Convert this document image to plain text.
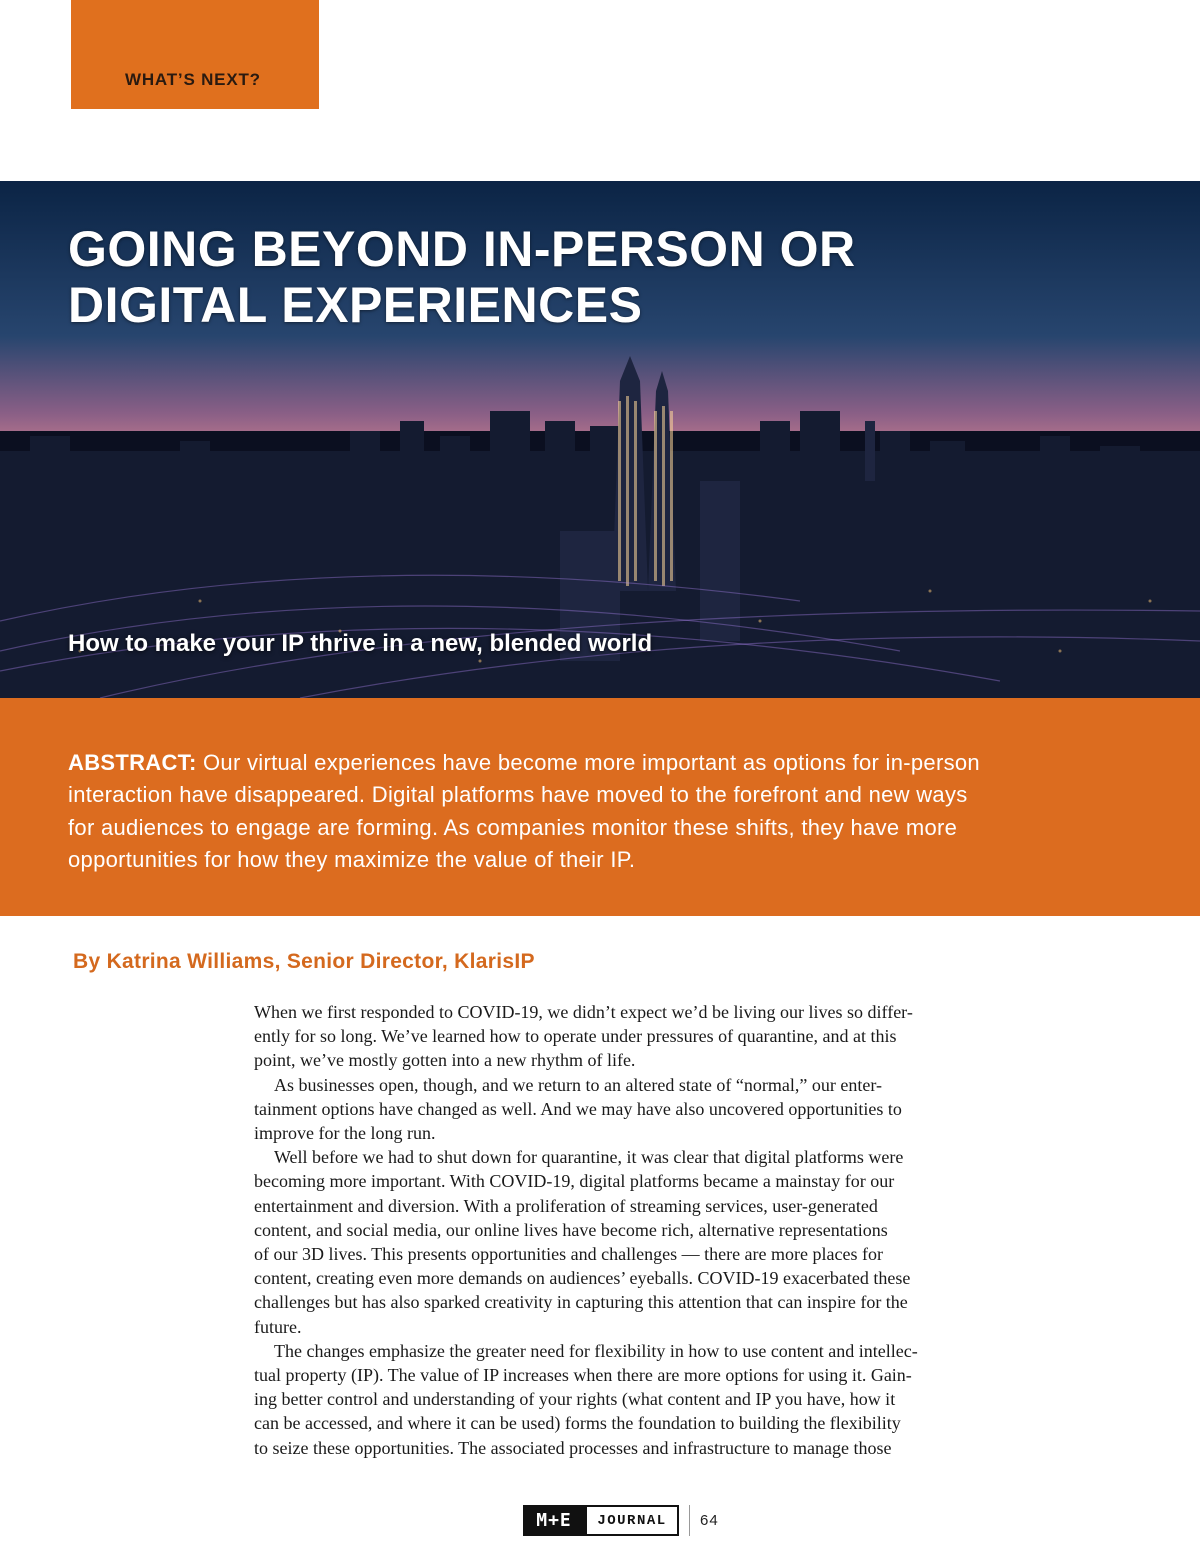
WHAT’S NEXT?
GOING BEYOND IN-PERSON OR
DIGITAL EXPERIENCES
How to make your IP thrive in a new, blended world

ABSTRACT: Our virtual experiences have become more important as options for in-person
interaction have disappeared. Digital platforms have moved to the forefront and new ways
for audiences to engage are forming. As companies monitor these shifts, they have more
opportunities for how they maximize the value of their IP.

By Katrina Williams, Senior Director, KlarisIP

When we first responded to COVID-19, we didn’t expect we’d be living our lives so differ-
ently for so long. We’ve learned how to operate under pressures of quarantine, and at this
point, we’ve mostly gotten into a new rhythm of life.
As businesses open, though, and we return to an altered state of “normal,” our enter-
tainment options have changed as well. And we may have also uncovered opportunities to
improve for the long run.
Well before we had to shut down for quarantine, it was clear that digital platforms were
becoming more important. With COVID-19, digital platforms became a mainstay for our
entertainment and diversion. With a proliferation of streaming services, user-generated
content, and social media, our online lives have become rich, alternative representations
of our 3D lives. This presents opportunities and challenges — there are more places for
content, creating even more demands on audiences’ eyeballs. COVID-19 exacerbated these
challenges but has also sparked creativity in capturing this attention that can inspire for the
future.
The changes emphasize the greater need for flexibility in how to use content and intellec-
tual property (IP). The value of IP increases when there are more options for using it. Gain-
ing better control and understanding of your rights (what content and IP you have, how it
can be accessed, and where it can be used) forms the foundation to building the flexibility
to seize these opportunities. The associated processes and infrastructure to manage those
M+E	JOURNAL	64
